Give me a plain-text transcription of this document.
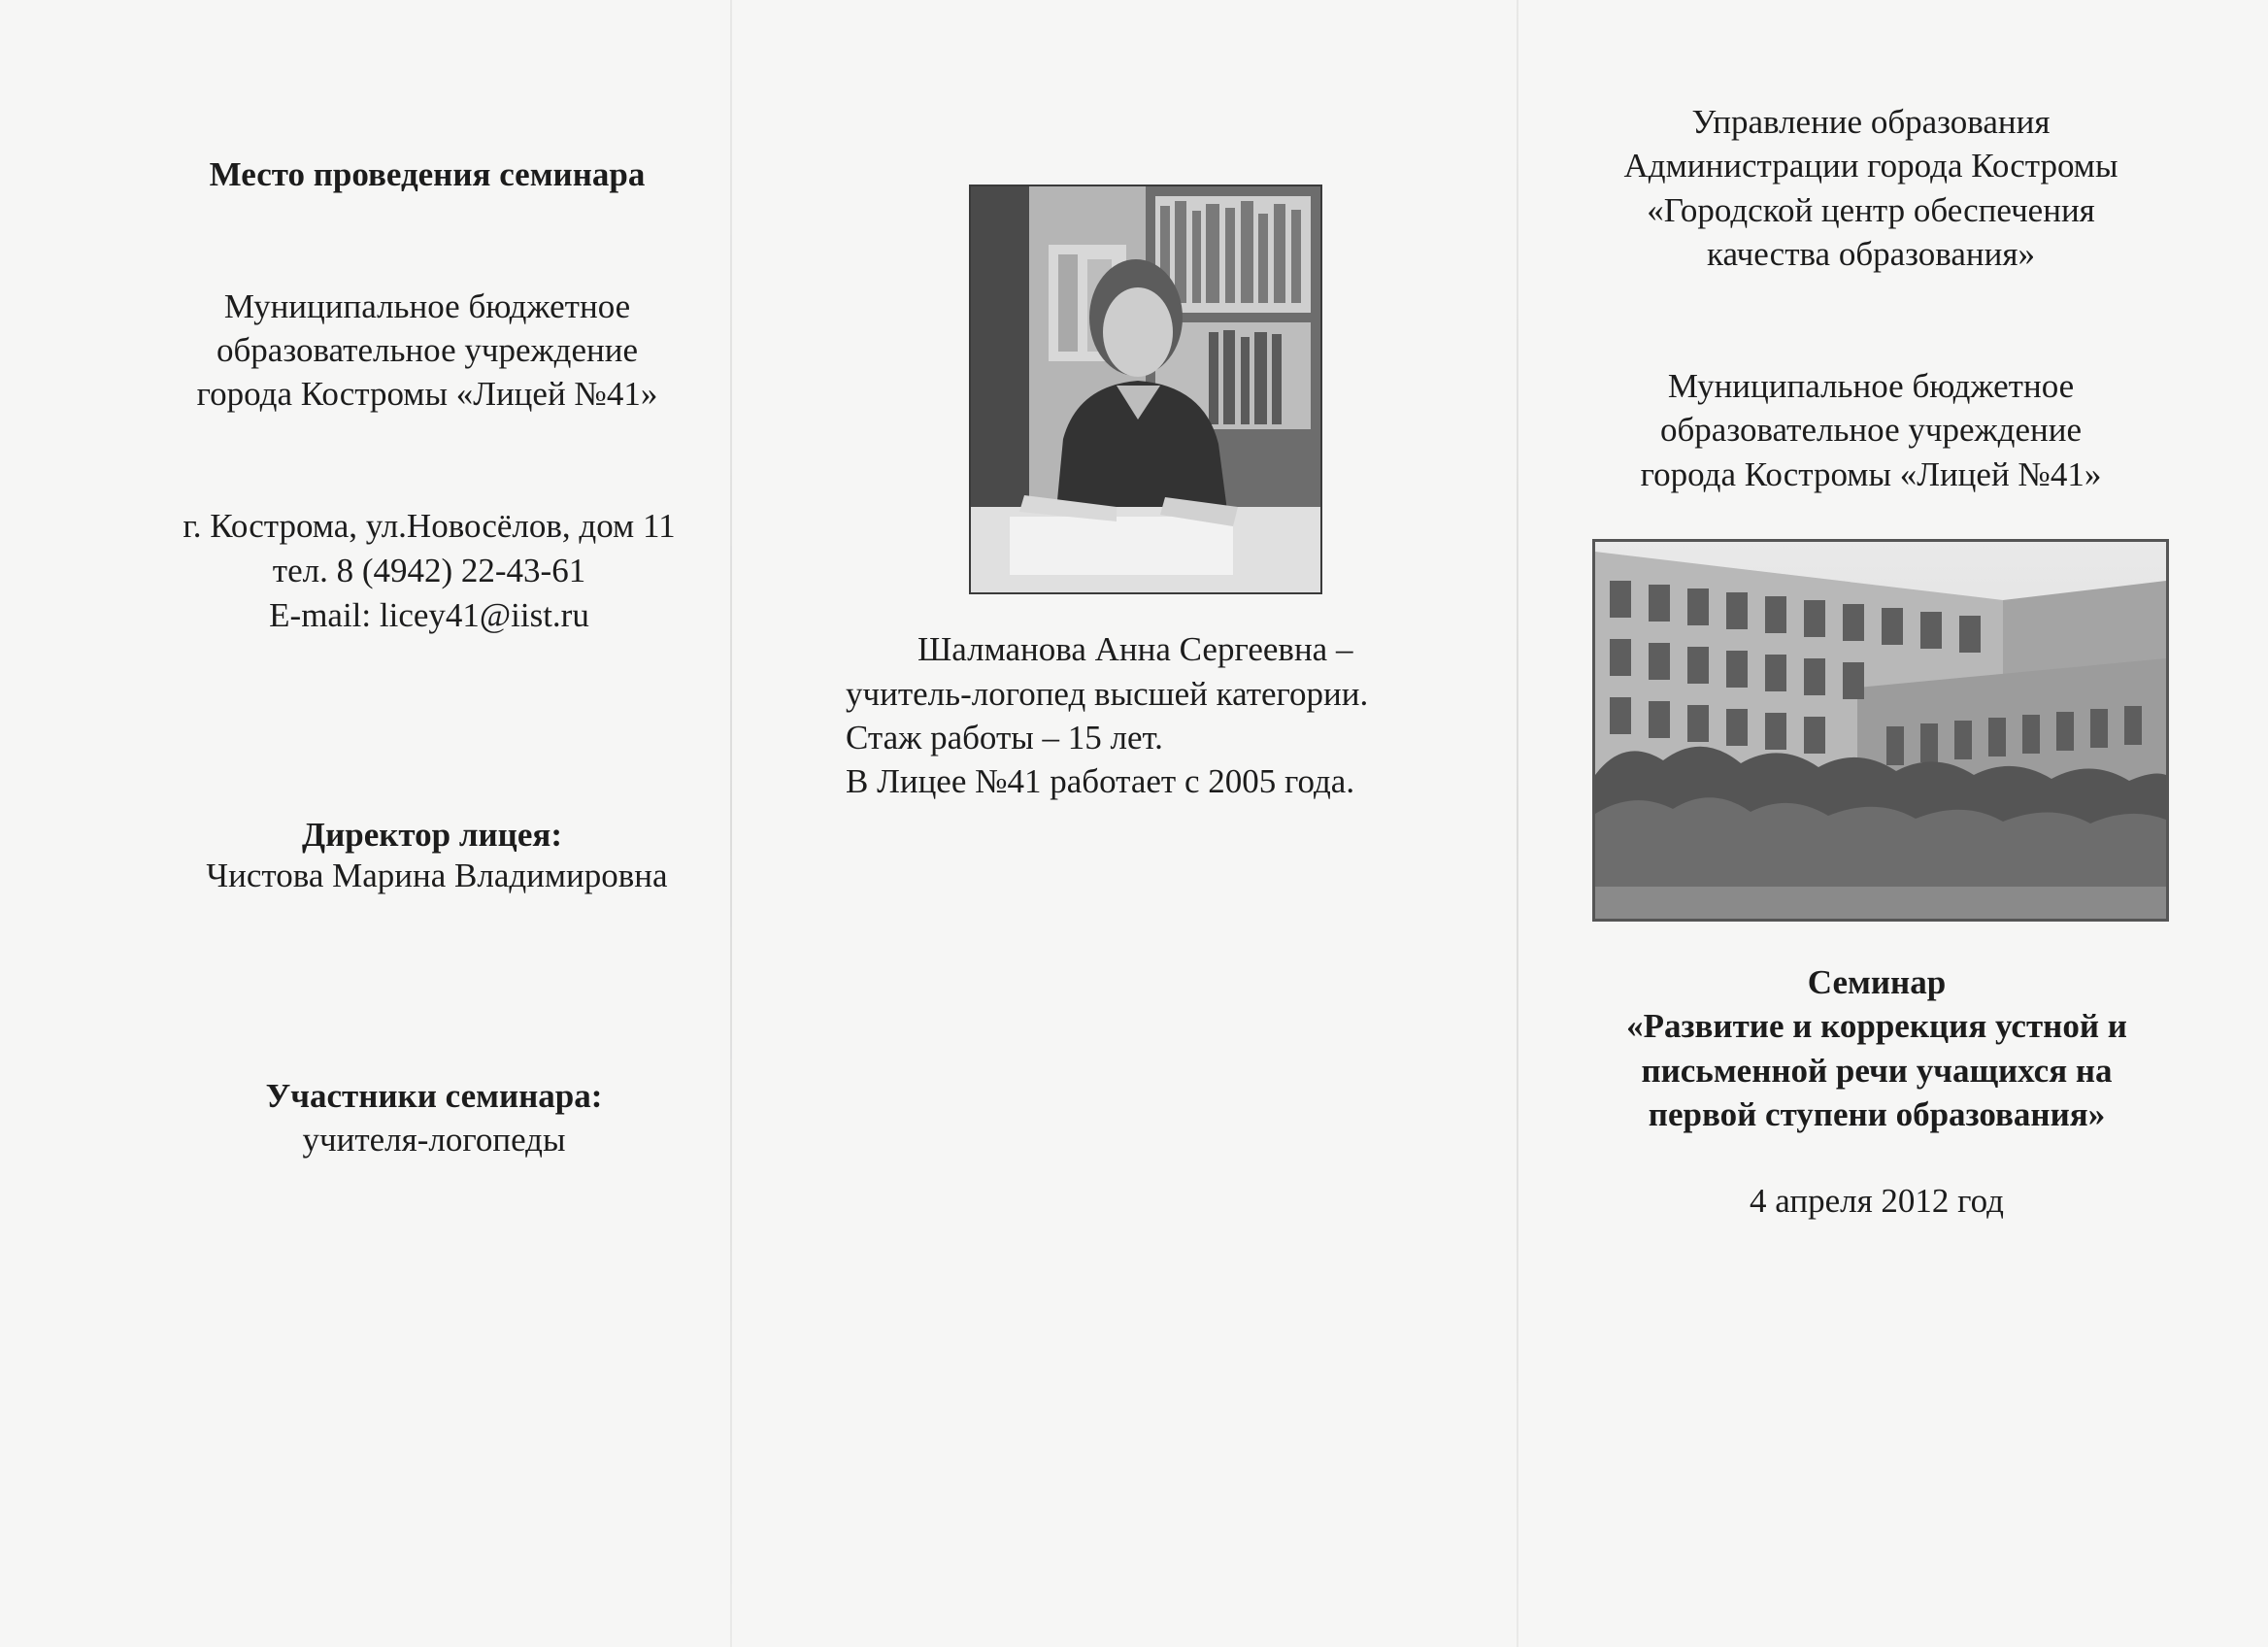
Место проведения семинара
Муниципальное бюджетное
образовательное учреждение
города Костромы «Лицей №41»
г. Кострома, ул.Новосёлов, дом 11
тел. 8 (4942) 22-43-61
E-mail: licey41@iist.ru
Директор лицея:
Чистова Марина Владимировна
Участники семинара:
учителя-логопеды
Шалманова Анна Сергеевна –
учитель-логопед высшей категории.
Стаж работы – 15 лет.
В Лицее №41 работает с 2005 года.
Управление образования
Администрации города Костромы
«Городской центр обеспечения
качества образования»
Муниципальное бюджетное
образовательное учреждение
города Костромы «Лицей №41»
Семинар
«Развитие и коррекция устной и
письменной речи учащихся на
первой ступени образования»
4 апреля 2012 год
